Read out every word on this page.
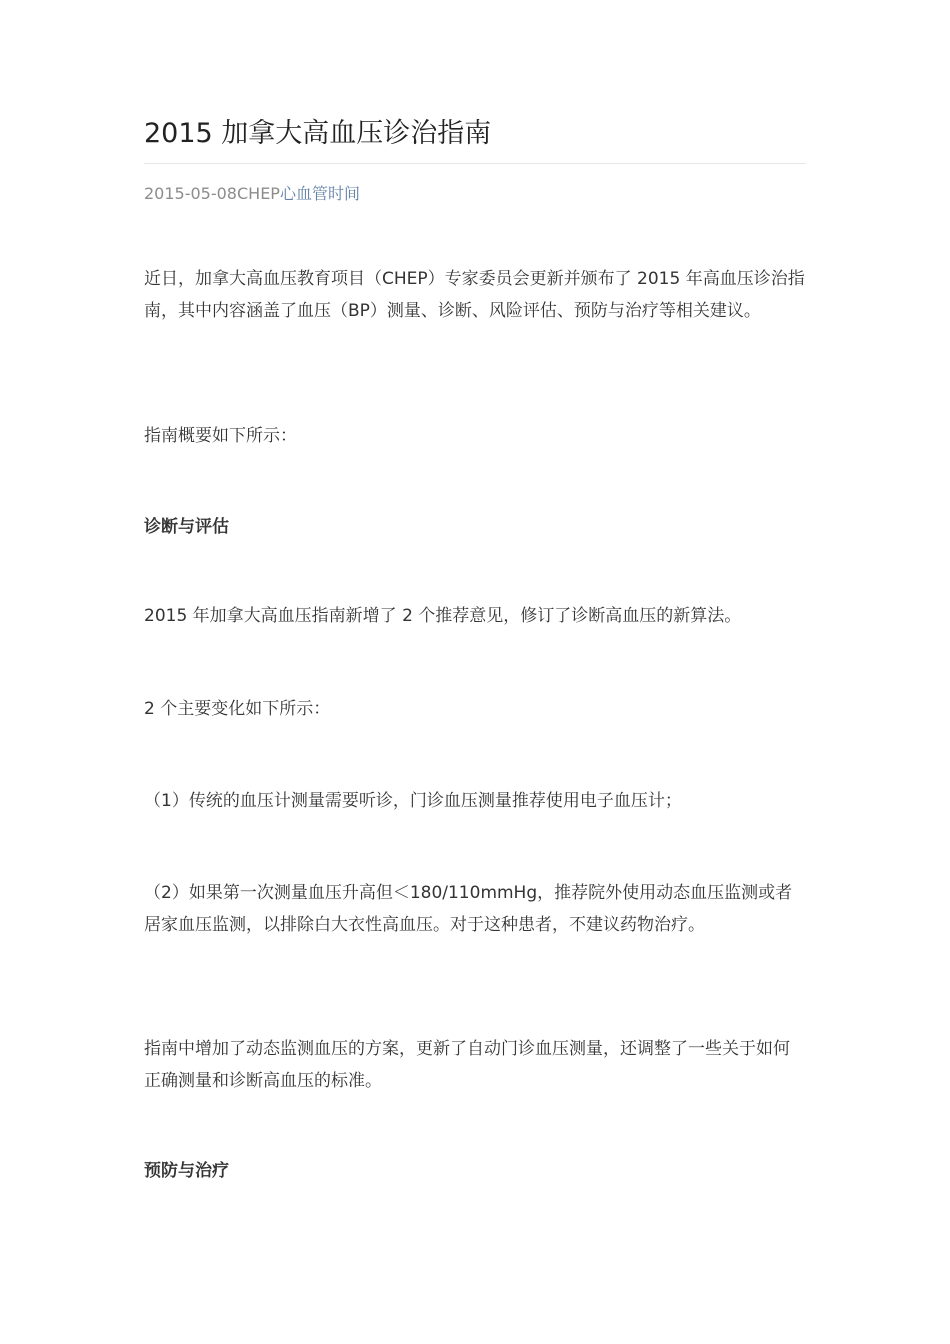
2015 加拿大高血压诊治指南
2015-05-08CHEP心血管时间

近日，加拿大高血压教育项目（CHEP）专家委员会更新并颁布了 2015 年高血压诊治指南，其中内容涵盖了血压（BP）测量、诊断、风险评估、预防与治疗等相关建议。

指南概要如下所示：

诊断与评估

2015 年加拿大高血压指南新增了 2 个推荐意见，修订了诊断高血压的新算法。

2 个主要变化如下所示：

（1）传统的血压计测量需要听诊，门诊血压测量推荐使用电子血压计；

（2）如果第一次测量血压升高但＜180/110mmHg，推荐院外使用动态血压监测或者居家血压监测，以排除白大衣性高血压。对于这种患者，不建议药物治疗。

指南中增加了动态监测血压的方案，更新了自动门诊血压测量，还调整了一些关于如何正确测量和诊断高血压的标准。

预防与治疗
